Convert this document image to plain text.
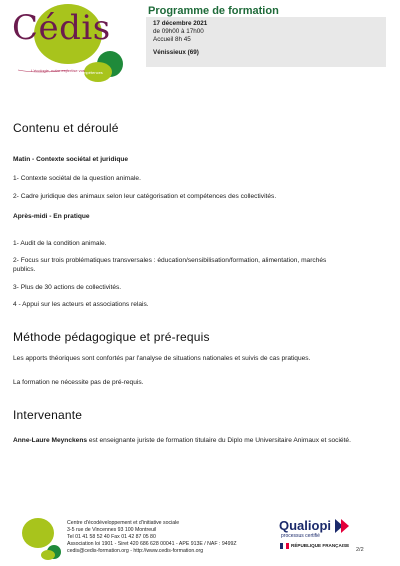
Cédis
L'écologie, notre expertise vos
compétences
Programme de formation
17 décembre 2021
de 09h00 à 17h00
Accueil 8h 45
Vénissieux (69)
Contenu et déroulé
Matin - Contexte sociétal et juridique
1- Contexte sociétal de la question animale.
2- Cadre juridique des animaux selon leur catégorisation et compétences des collectivités.
Après-midi - En pratique
1- Audit de la condition animale.
2- Focus sur trois problématiques transversales : éducation/sensibilisation/formation, alimentation, marchés publics.
3- Plus de 30 actions de collectivités.
4 - Appui sur les acteurs et associations relais.
Méthode pédagogique et pré-requis
Les apports théoriques sont confortés par l'analyse de situations nationales et suivis de cas pratiques.
La formation ne nécessite pas de pré-requis.
Intervenante
Anne-Laure Meynckens est enseignante juriste de formation titulaire du Diplo me Universitaire Animaux et société.
Centre d'écodéveloppement et d'initiative sociale
3-5 rue de Vincennes 93 100 Montreuil
Tel 01 41 58 52 40 Fax 01 42 87 05 80
Association loi 1901 - Siret 420 686 628 00041 - APE 913E / NAF : 9499Z
cedis@cedis-formation.org - http://www.cedis-formation.org
Qualiopi
processus certifié
RÉPUBLIQUE FRANÇAISE
2/2
